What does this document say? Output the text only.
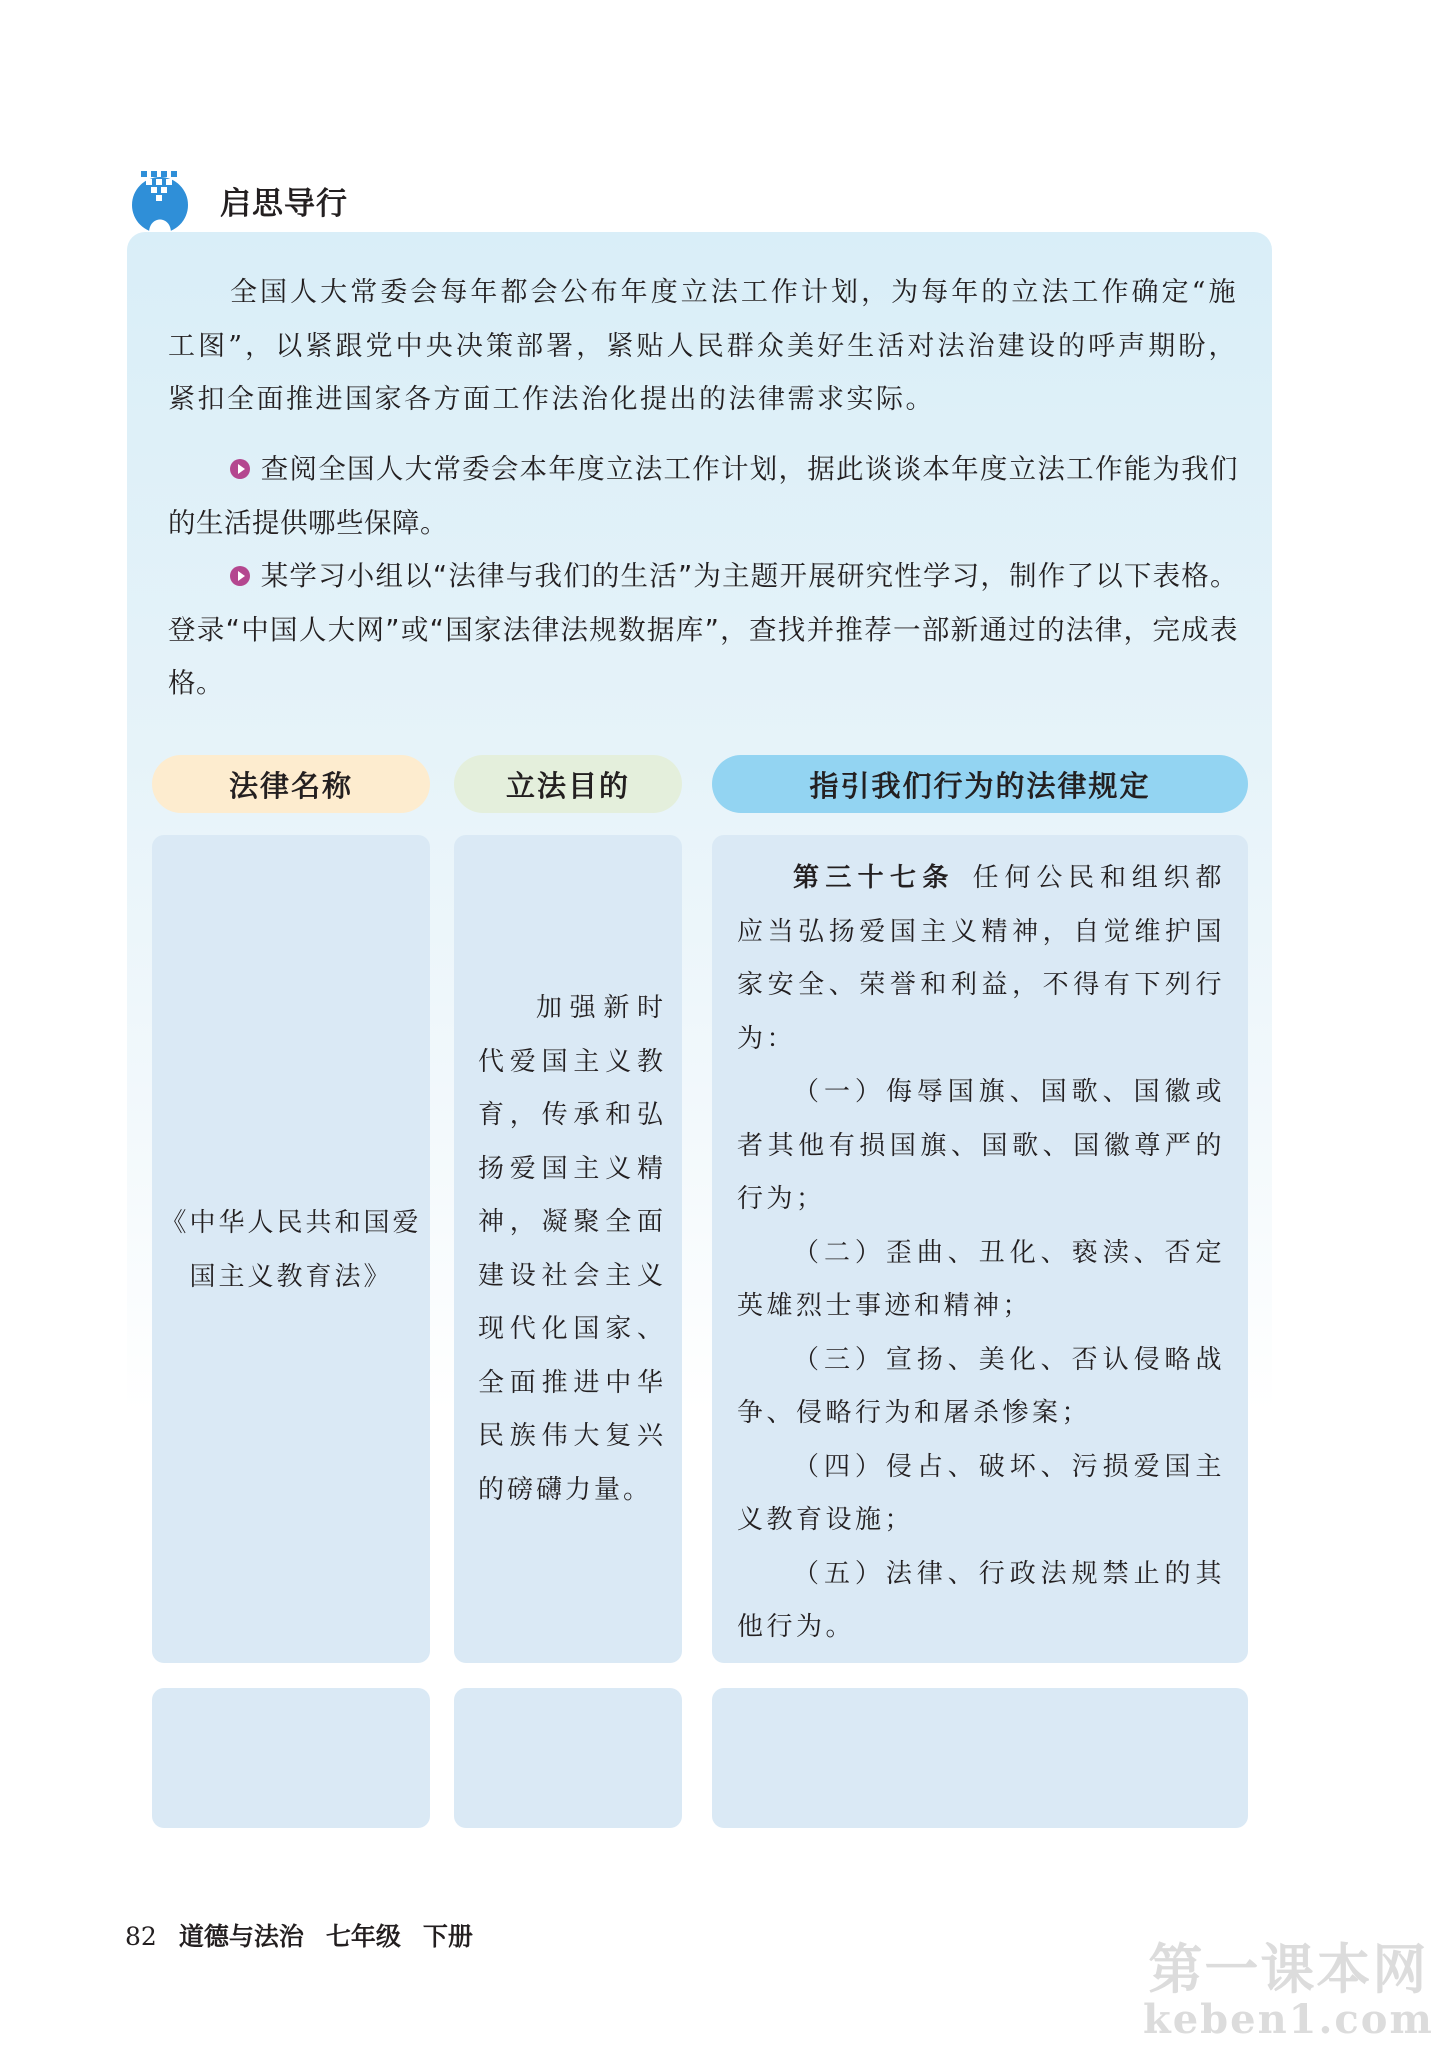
启思导行

全国人大常委会每年都会公布年度立法工作计划，为每年的立法工作确定“施工图”，以紧跟党中央决策部署，紧贴人民群众美好生活对法治建设的呼声期盼，紧扣全面推进国家各方面工作法治化提出的法律需求实际。

查阅全国人大常委会本年度立法工作计划，据此谈谈本年度立法工作能为我们的生活提供哪些保障。

某学习小组以“法律与我们的生活”为主题开展研究性学习，制作了以下表格。登录“中国人大网”或“国家法律法规数据库”，查找并推荐一部新通过的法律，完成表格。

法律名称	立法目的	指引我们行为的法律规定
《中华人民共和国爱国主义教育法》

加强新时代爱国主义教育，传承和弘扬爱国主义精神，凝聚全面建设社会主义现代化国家、全面推进中华民族伟大复兴的磅礴力量。

第三十七条 任何公民和组织都应当弘扬爱国主义精神，自觉维护国家安全、荣誉和利益，不得有下列行为：

（一）侮辱国旗、国歌、国徽或者其他有损国旗、国歌、国徽尊严的行为；

（二）歪曲、丑化、亵渎、否定英雄烈士事迹和精神；

（三）宣扬、美化、否认侵略战争、侵略行为和屠杀惨案；

（四）侵占、破坏、污损爱国主义教育设施；

（五）法律、行政法规禁止的其他行为。

82 道德与法治 七年级 下册
第一课本网
keben1.com
